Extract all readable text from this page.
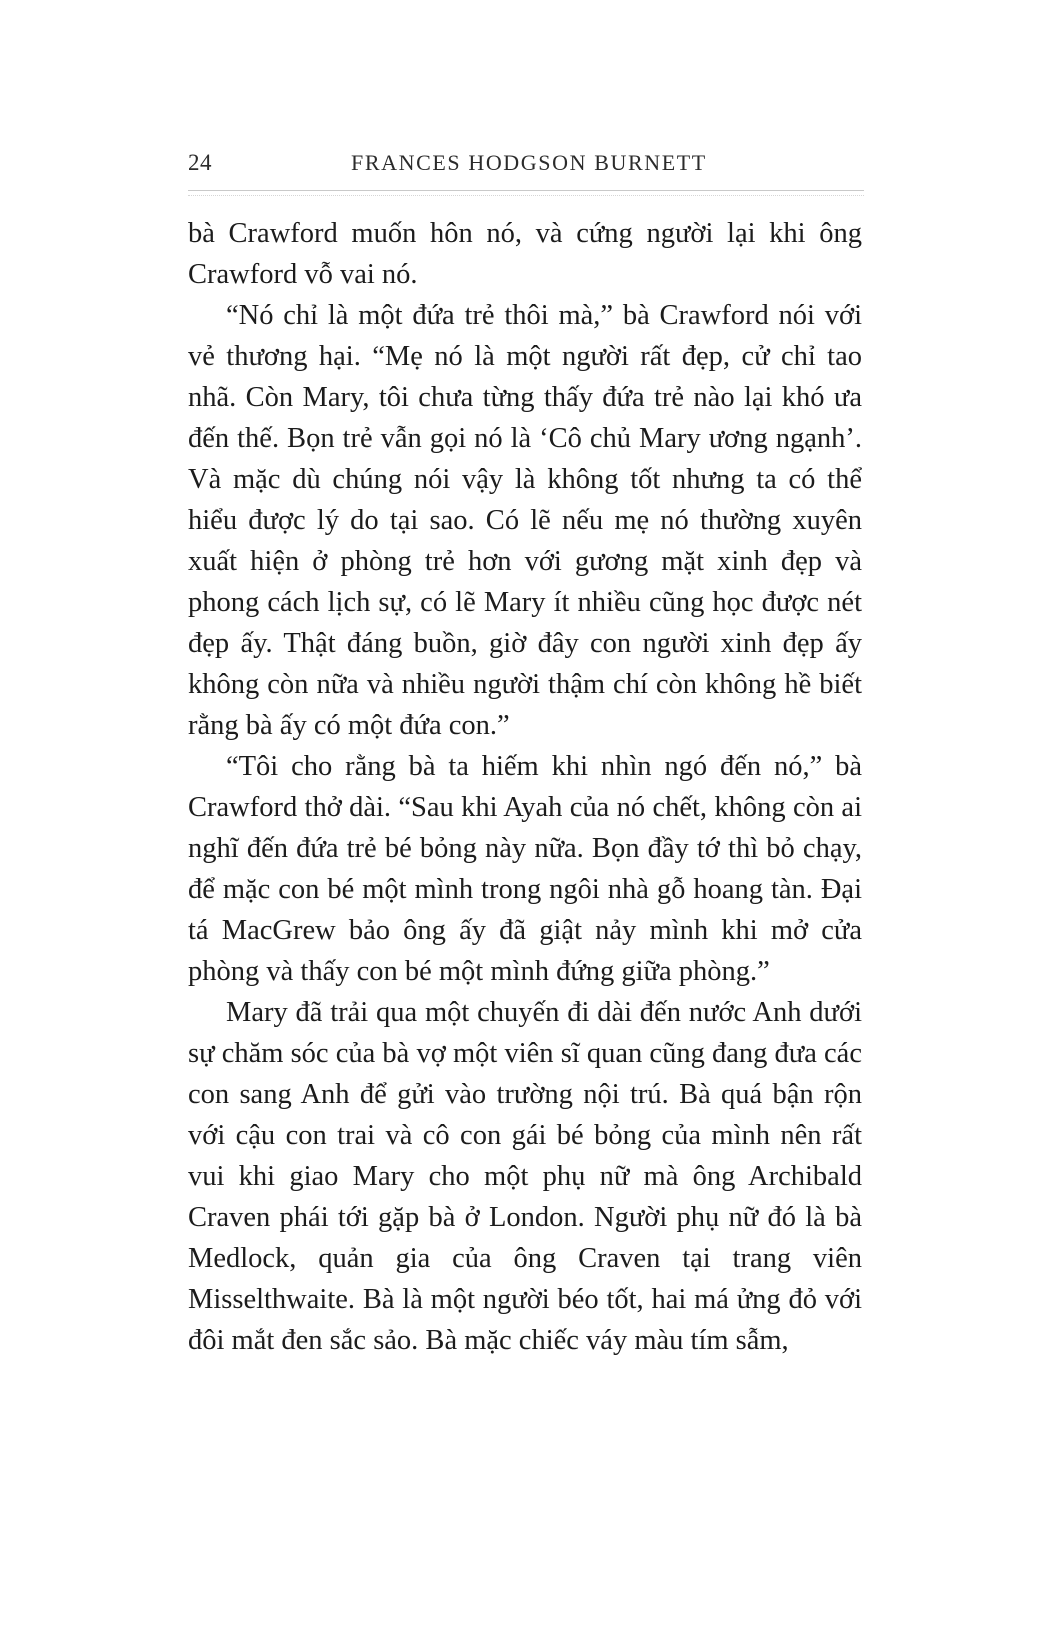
24	FRANCES HODGSON BURNETT

bà Crawford muốn hôn nó, và cứng người lại khi ông Crawford vỗ vai nó.

“Nó chỉ là một đứa trẻ thôi mà,” bà Crawford nói với vẻ thương hại. “Mẹ nó là một người rất đẹp, cử chỉ tao nhã. Còn Mary, tôi chưa từng thấy đứa trẻ nào lại khó ưa đến thế. Bọn trẻ vẫn gọi nó là ‘Cô chủ Mary ương ngạnh’. Và mặc dù chúng nói vậy là không tốt nhưng ta có thể hiểu được lý do tại sao. Có lẽ nếu mẹ nó thường xuyên xuất hiện ở phòng trẻ hơn với gương mặt xinh đẹp và phong cách lịch sự, có lẽ Mary ít nhiều cũng học được nét đẹp ấy. Thật đáng buồn, giờ đây con người xinh đẹp ấy không còn nữa và nhiều người thậm chí còn không hề biết rằng bà ấy có một đứa con.”

“Tôi cho rằng bà ta hiếm khi nhìn ngó đến nó,” bà Crawford thở dài. “Sau khi Ayah của nó chết, không còn ai nghĩ đến đứa trẻ bé bỏng này nữa. Bọn đầy tớ thì bỏ chạy, để mặc con bé một mình trong ngôi nhà gỗ hoang tàn. Đại tá MacGrew bảo ông ấy đã giật nảy mình khi mở cửa phòng và thấy con bé một mình đứng giữa phòng.”

Mary đã trải qua một chuyến đi dài đến nước Anh dưới sự chăm sóc của bà vợ một viên sĩ quan cũng đang đưa các con sang Anh để gửi vào trường nội trú. Bà quá bận rộn với cậu con trai và cô con gái bé bỏng của mình nên rất vui khi giao Mary cho một phụ nữ mà ông Archibald Craven phái tới gặp bà ở London. Người phụ nữ đó là bà Medlock, quản gia của ông Craven tại trang viên Misselthwaite. Bà là một người béo tốt, hai má ửng đỏ với đôi mắt đen sắc sảo. Bà mặc chiếc váy màu tím sẫm,
